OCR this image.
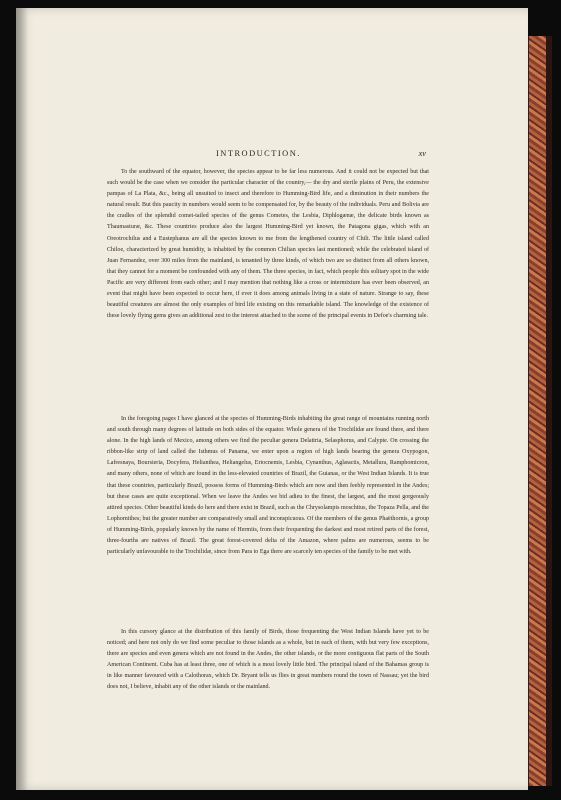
INTRODUCTION.	xv

To the southward of the equator, however, the species appear to be far less numerous. And it could not be expected but that such would be the case when we consider the particular character of the country,— the dry and sterile plains of Peru, the extensive pampas of La Plata, &c., being all unsuited to insect and therefore to Humming-Bird life, and a diminution in their numbers the natural result. But this paucity in numbers would seem to be compensated for, by the beauty of the individuals. Peru and Bolivia are the cradles of the splendid comet-tailed species of the genus Cometes, the Lesbia, Diphlogænæ, the delicate birds known as Thaumasturæ, &c. These countries produce also the largest Humming-Bird yet known, the Patagona gigas, which with an Oreotrochilus and a Eustephanus are all the species known to me from the lengthened country of Chili. The little island called Chiloe, characterized by great humidity, is inhabited by the common Chilian species last mentioned; while the celebrated island of Juan Fernandez, over 300 miles from the mainland, is tenanted by three kinds, of which two are so distinct from all others known, that they cannot for a moment be confounded with any of them. The three species, in fact, which people this solitary spot in the wide Pacific are very different from each other; and I may mention that nothing like a cross or intermixture has ever been observed, an event that might have been expected to occur here, if ever it does among animals living in a state of nature. Strange to say, these beautiful creatures are almost the only examples of bird life existing on this remarkable island. The knowledge of the existence of these lovely flying gems gives an additional zest to the interest attached to the scene of the principal events in Defoe's charming tale.

In the foregoing pages I have glanced at the species of Humming-Birds inhabiting the great range of mountains running north and south through many degrees of latitude on both sides of the equator. Whole genera of the Trochilidæ are found there, and there alone. In the high lands of Mexico, among others we find the peculiar genera Delattria, Selasphorus, and Calypte. On crossing the ribbon-like strip of land called the Isthmus of Panama, we enter upon a region of high lands bearing the genera Oxypogon, Lafresnaya, Boursieria, Docyfera, Heliantheа, Heliangelus, Eriocnemis, Lesbia, Cynanthus, Aglæactis, Metallura, Ramphomicron, and many others, none of which are found in the less-elevated countries of Brazil, the Guianas, or the West Indian Islands. It is true that these countries, particularly Brazil, possess forms of Humming-Birds which are now and then feebly represented in the Andes; but these cases are quite exceptional. When we leave the Andes we bid adieu to the finest, the largest, and the most gorgeously attired species. Other beautiful kinds do here and there exist in Brazil, such as the Chrysolampis moschitus, the Topaza Pella, and the Lophornithes; but the greater number are comparatively small and inconspicuous. Of the members of the genus Phaëthornis, a group of Humming-Birds, popularly known by the name of Hermits, from their frequenting the darkest and most retired parts of the forest, three-fourths are natives of Brazil. The great forest-covered delta of the Amazon, where palms are numerous, seems to be particularly unfavourable to the Trochilidæ, since from Para to Ega there are scarcely ten species of the family to be met with.

In this cursory glance at the distribution of this family of Birds, those frequenting the West Indian Islands have yet to be noticed; and here not only do we find some peculiar to those islands as a whole, but in each of them, with but very few exceptions, there are species and even genera which are not found in the Andes, the other islands, or the more contiguous flat parts of the South American Continent. Cuba has at least three, one of which is a most lovely little bird. The principal island of the Bahamas group is in like manner favoured with a Calothorax, which Dr. Bryant tells us flies in great numbers round the town of Nassau; yet the bird does not, I believe, inhabit any of the other islands or the mainland.
